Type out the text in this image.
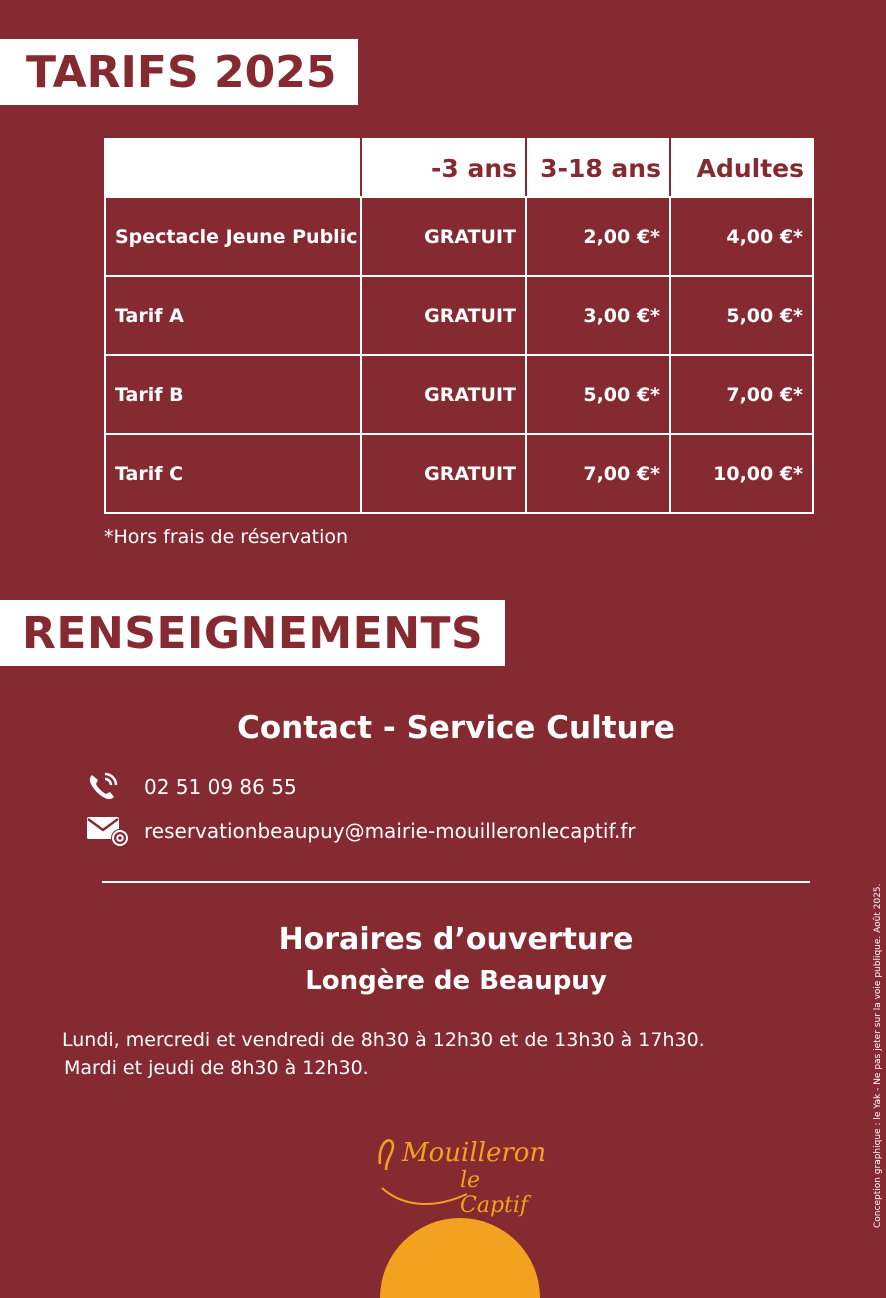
TARIFS 2025
	-3 ans	3-18 ans	Adultes
Spectacle Jeune Public	GRATUIT	2,00 €*	4,00 €*
Tarif A	GRATUIT	3,00 €*	5,00 €*
Tarif B	GRATUIT	5,00 €*	7,00 €*
Tarif C	GRATUIT	7,00 €*	10,00 €*
*Hors frais de réservation
RENSEIGNEMENTS
Contact - Service Culture
02 51 09 86 55
reservationbeaupuy@mairie-mouilleronlecaptif.fr
Horaires d’ouverture
Longère de Beaupuy
Lundi, mercredi et vendredi de 8h30 à 12h30 et de 13h30 à 17h30.
Mardi et jeudi de 8h30 à 12h30.
Mouilleron
le Captif	Conception graphique : le Yak - Ne pas jeter sur la voie publique. Août 2025.
